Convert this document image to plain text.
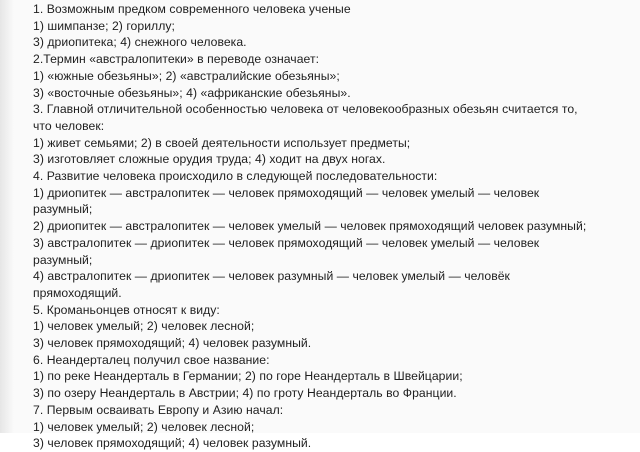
1. Возможным предком современного человека ученые
1) шимпанзе; 2) гориллу;
3) дриопитека; 4) снежного человека.
2.Термин «австралопитеки» в переводе означает:
1) «южные обезьяны»; 2) «австралийские обезьяны»;
3) «восточные обезьяны»; 4) «африканские обезьяны».
3. Главной отличительной особенностью человека от человекообразных обезьян считается то,
что человек:
1) живет семьями; 2) в своей деятельности использует предметы;
3) изготовляет сложные орудия труда; 4) ходит на двух ногах.
4. Развитие человека происходило в следующей последовательности:
1) дриопитек — австралопитек — человек прямоходящий — человек умелый — человек
разумный;
2) дриопитек — австралопитек — человек умелый — человек прямоходящий человек разумный;
3) австралопитек — дриопитек — человек прямоходящий — человек умелый — человек
разумный;
4) австралопитек — дриопитек — человек разумный — человек умелый — человёк
прямоходящий.
5. Кроманьонцев относят к виду:
1) человек умелый; 2) человек лесной;
3) человек прямоходящий; 4) человек разумный.
6. Неандерталец получил свое название:
1) по реке Неандерталь в Германии; 2) по горе Неандерталь в Швейцарии;
3) по озеру Неандерталь в Австрии; 4) по гроту Неандерталь во Франции.
7. Первым осваивать Европу и Азию начал:
1) человек умелый; 2) человек лесной;
3) человек прямоходящий; 4) человек разумный.
